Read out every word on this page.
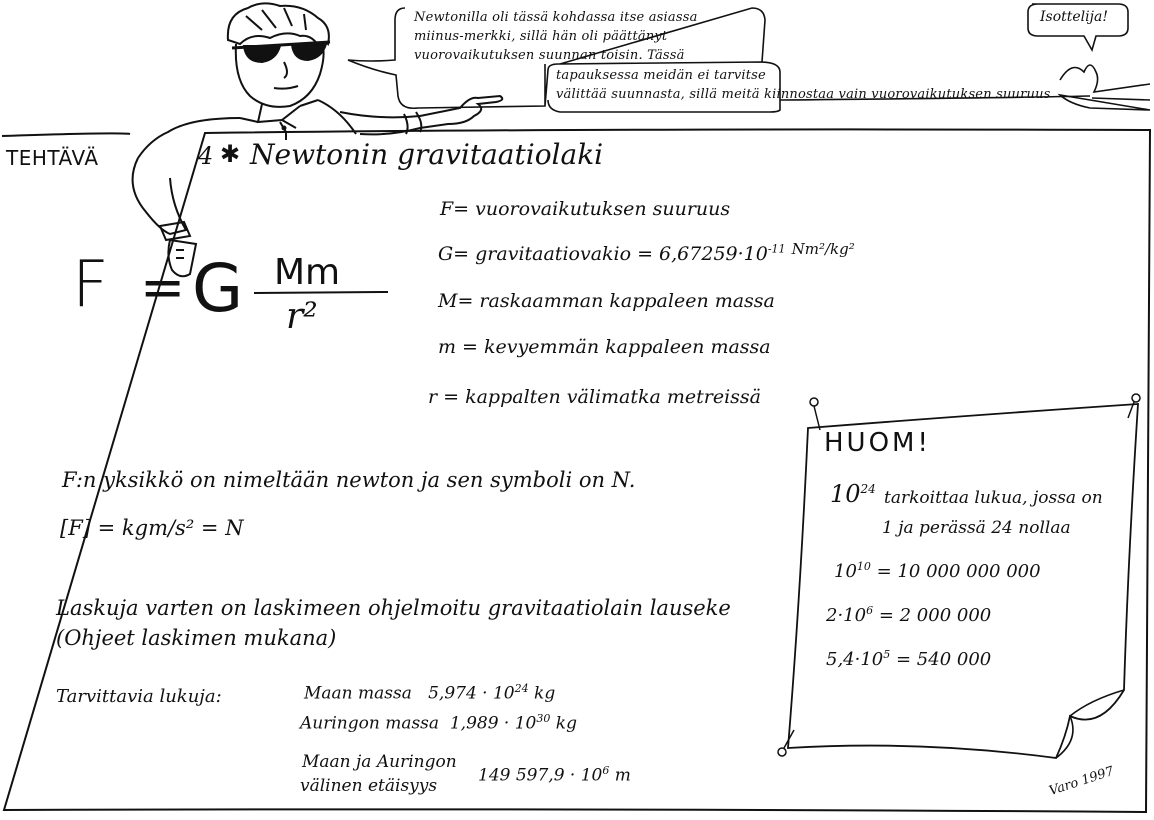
Newtonilla oli tässä kohdassa itse asiassa
miinus-merkki, sillä hän oli päättänyt
vuorovaikutuksen suunnan toisin. Tässä
tapauksessa meidän ei tarvitse
välittää suunnasta, sillä meitä kiinnostaa vain vuorovaikutuksen suuruus
Isottelija!
TEHTÄVÄ	4 ✱ Newtonin gravitaatiolaki
F = G Mm
r²
F= vuorovaikutuksen suuruus
G= gravitaatiovakio = $6,67259\cdot 10^{-11}$ $^{Nm^2/kg^2}$
M= raskaamman kappaleen massa
m = kevyemmän kappaleen massa
r = kappalten välimatka metreissä
F:n yksikkö on nimeltään newton ja sen symboli on N.
[F] = kgm/s² = N
Laskuja varten on laskimeen ohjelmoitu gravitaatiolain lauseke
(Ohjeet laskimen mukana)
Tarvittavia lukuja:	Maan massa $5,974 \cdot 10^{24}$ kg
Auringon massa $1,989 \cdot 10^{30}$ kg
Maan ja Auringon
välinen etäisyys
149 $597,9 \cdot 10^6$ m
HUOM!
$10^{24}$ tarkoittaa lukua, jossa on
1 ja perässä 24 nollaa
$10^{10} = 10$ 000 000 000
$2\cdot 10^6 = 2$ 000 000
$5,4\cdot 10^5 = 540$ 000
Varo 1997
